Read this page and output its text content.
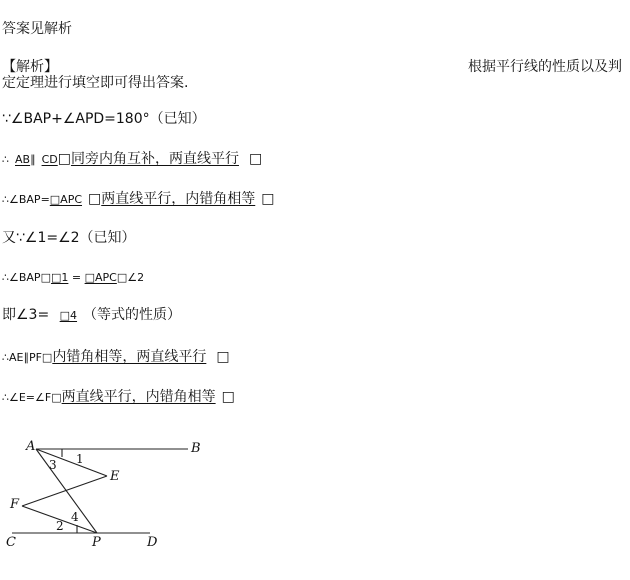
答案见解析
【解析】	根据平行线的性质以及判
定定理进行填空即可得出答案.
∵∠BAP+∠APD=180°（已知）
∴ AB∥ CD□同旁内角互补，两直线平行 □
∴∠BAP=□APC □两直线平行，内错角相等 □
又∵∠1=∠2（已知）
∴∠BAP□□1 = □APC□∠2
即∠3= □4 （等式的性质）
∴AE∥PF□内错角相等，两直线平行 □
∴∠E=∠F□两直线平行，内错角相等 □
A	B
C	D
E
F
P
1
2
3
4
